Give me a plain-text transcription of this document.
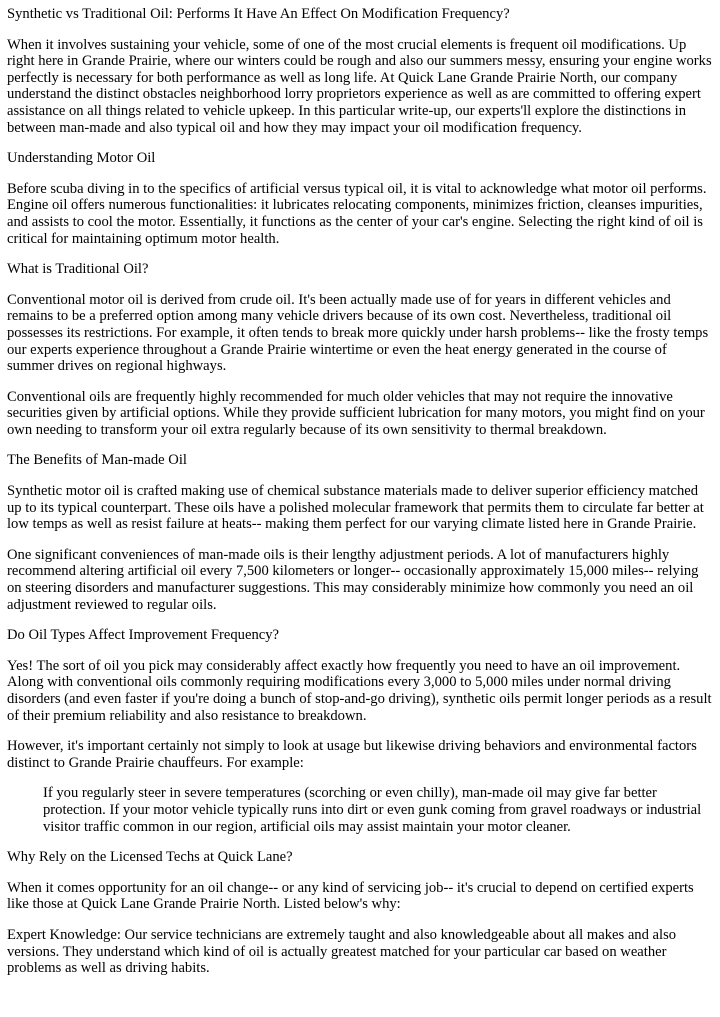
Synthetic vs Traditional Oil: Performs It Have An Effect On Modification Frequency?
When it involves sustaining your vehicle, some of one of the most crucial elements is frequent oil modifications. Up right here in Grande Prairie, where our winters could be rough and also our summers messy, ensuring your engine works perfectly is necessary for both performance as well as long life. At Quick Lane Grande Prairie North, our company understand the distinct obstacles neighborhood lorry proprietors experience as well as are committed to offering expert assistance on all things related to vehicle upkeep. In this particular write-up, our experts'll explore the distinctions in between man-made and also typical oil and how they may impact your oil modification frequency.
Understanding Motor Oil
Before scuba diving in to the specifics of artificial versus typical oil, it is vital to acknowledge what motor oil performs. Engine oil offers numerous functionalities: it lubricates relocating components, minimizes friction, cleanses impurities, and assists to cool the motor. Essentially, it functions as the center of your car's engine. Selecting the right kind of oil is critical for maintaining optimum motor health.
What is Traditional Oil?
Conventional motor oil is derived from crude oil. It's been actually made use of for years in different vehicles and remains to be a preferred option among many vehicle drivers because of its own cost. Nevertheless, traditional oil possesses its restrictions. For example, it often tends to break more quickly under harsh problems-- like the frosty temps our experts experience throughout a Grande Prairie wintertime or even the heat energy generated in the course of summer drives on regional highways.
Conventional oils are frequently highly recommended for much older vehicles that may not require the innovative securities given by artificial options. While they provide sufficient lubrication for many motors, you might find on your own needing to transform your oil extra regularly because of its own sensitivity to thermal breakdown.
The Benefits of Man-made Oil
Synthetic motor oil is crafted making use of chemical substance materials made to deliver superior efficiency matched up to its typical counterpart. These oils have a polished molecular framework that permits them to circulate far better at low temps as well as resist failure at heats-- making them perfect for our varying climate listed here in Grande Prairie.
One significant conveniences of man-made oils is their lengthy adjustment periods. A lot of manufacturers highly recommend altering artificial oil every 7,500 kilometers or longer-- occasionally approximately 15,000 miles-- relying on steering disorders and manufacturer suggestions. This may considerably minimize how commonly you need an oil adjustment reviewed to regular oils.
Do Oil Types Affect Improvement Frequency?
Yes! The sort of oil you pick may considerably affect exactly how frequently you need to have an oil improvement. Along with conventional oils commonly requiring modifications every 3,000 to 5,000 miles under normal driving disorders (and even faster if you're doing a bunch of stop-and-go driving), synthetic oils permit longer periods as a result of their premium reliability and also resistance to breakdown.
However, it's important certainly not simply to look at usage but likewise driving behaviors and environmental factors distinct to Grande Prairie chauffeurs. For example:
If you regularly steer in severe temperatures (scorching or even chilly), man-made oil may give far better protection. If your motor vehicle typically runs into dirt or even gunk coming from gravel roadways or industrial visitor traffic common in our region, artificial oils may assist maintain your motor cleaner.
Why Rely on the Licensed Techs at Quick Lane?
When it comes opportunity for an oil change-- or any kind of servicing job-- it's crucial to depend on certified experts like those at Quick Lane Grande Prairie North. Listed below's why:
Expert Knowledge: Our service technicians are extremely taught and also knowledgeable about all makes and also versions. They understand which kind of oil is actually greatest matched for your particular car based on weather problems as well as driving habits.
